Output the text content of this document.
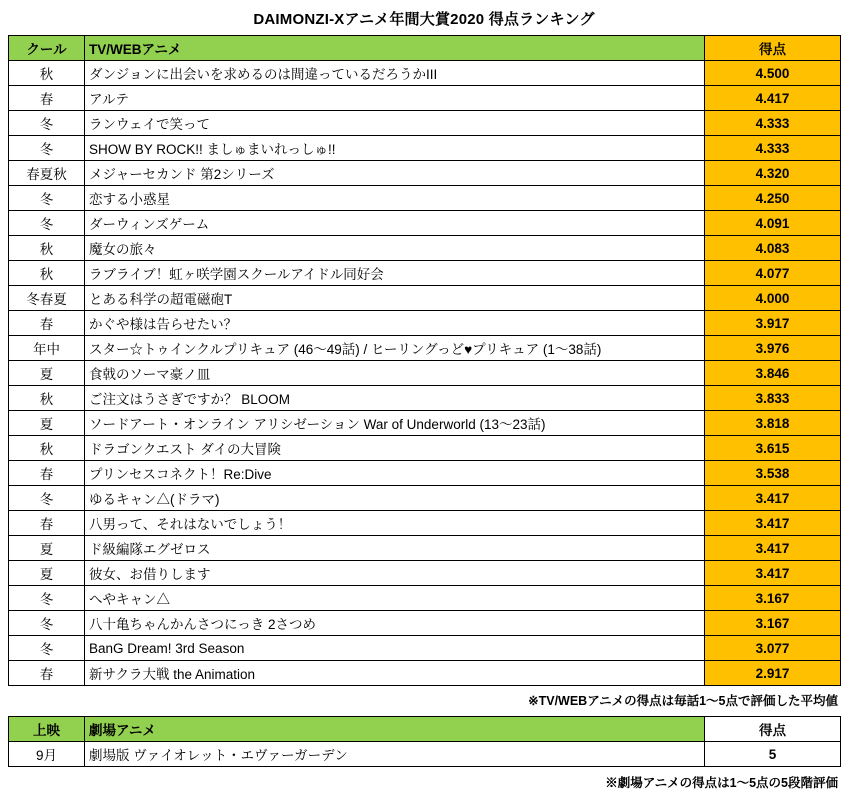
DAIMONZI-Xアニメ年間大賞2020 得点ランキング
クール	TV/WEBアニメ	得点
秋	ダンジョンに出会いを求めるのは間違っているだろうかIII	4.500
春	アルテ	4.417
冬	ランウェイで笑って	4.333
冬	SHOW BY ROCK!! ましゅまいれっしゅ!!	4.333
春夏秋	メジャーセカンド 第2シリーズ	4.320
冬	恋する小惑星	4.250
冬	ダーウィンズゲーム	4.091
秋	魔女の旅々	4.083
秋	ラブライブ！虹ヶ咲学園スクールアイドル同好会	4.077
冬春夏	とある科学の超電磁砲T	4.000
春	かぐや様は告らせたい？	3.917
年中	スター☆トゥインクルプリキュア (46〜49話) / ヒーリングっど♥プリキュア (1〜38話)	3.976
夏	食戟のソーマ豪ノ皿	3.846
秋	ご注文はうさぎですか？ BLOOM	3.833
夏	ソードアート・オンライン アリシゼーション War of Underworld (13〜23話)	3.818
秋	ドラゴンクエスト ダイの大冒険	3.615
春	プリンセスコネクト！Re:Dive	3.538
冬	ゆるキャン△(ドラマ)	3.417
春	八男って、それはないでしょう！	3.417
夏	ド級編隊エグゼロス	3.417
夏	彼女、お借りします	3.417
冬	へやキャン△	3.167
冬	八十亀ちゃんかんさつにっき 2さつめ	3.167
冬	BanG Dream! 3rd Season	3.077
春	新サクラ大戦 the Animation	2.917
※TV/WEBアニメの得点は毎話1〜5点で評価した平均値
上映	劇場アニメ	得点
9月	劇場版 ヴァイオレット・エヴァーガーデン	5
※劇場アニメの得点は1〜5点の5段階評価
